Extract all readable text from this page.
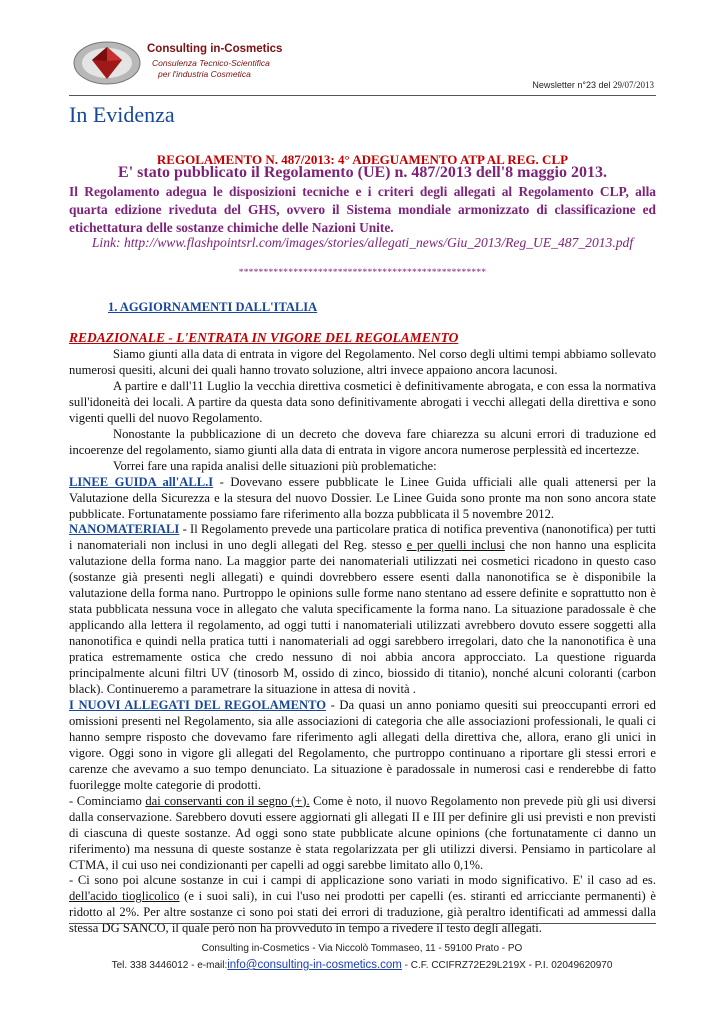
Consulting in-Cosmetics
Consulenza Tecnico-Scientifica
per l'industria Cosmetica
Newsletter n°23 del 29/07/2013
In Evidenza
REGOLAMENTO N. 487/2013: 4° ADEGUAMENTO ATP AL REG. CLP
E' stato pubblicato il Regolamento (UE) n. 487/2013 dell'8 maggio 2013.
Il Regolamento adegua le disposizioni tecniche e i criteri degli allegati al Regolamento CLP, alla quarta edizione riveduta del GHS, ovvero il Sistema mondiale armonizzato di classificazione ed etichettatura delle sostanze chimiche delle Nazioni Unite.
Link: http://www.flashpointsrl.com/images/stories/allegati_news/Giu_2013/Reg_UE_487_2013.pdf
**************************************************
1. AGGIORNAMENTI DALL'ITALIA
REDAZIONALE - L'ENTRATA IN VIGORE DEL REGOLAMENTO

Siamo giunti alla data di entrata in vigore del Regolamento. Nel corso degli ultimi tempi abbiamo sollevato numerosi quesiti, alcuni dei quali hanno trovato soluzione, altri invece appaiono ancora lacunosi.

A partire e dall'11 Luglio la vecchia direttiva cosmetici è definitivamente abrogata, e con essa la normativa sull'idoneità dei locali. A partire da questa data sono definitivamente abrogati i vecchi allegati della direttiva e sono vigenti quelli del nuovo Regolamento.

Nonostante la pubblicazione di un decreto che doveva fare chiarezza su alcuni errori di traduzione ed incoerenze del regolamento, siamo giunti alla data di entrata in vigore ancora numerose perplessità ed incertezze.

Vorrei fare una rapida analisi delle situazioni più problematiche:

LINEE GUIDA all'ALL.I - Dovevano essere pubblicate le Linee Guida ufficiali alle quali attenersi per la Valutazione della Sicurezza e la stesura del nuovo Dossier. Le Linee Guida sono pronte ma non sono ancora state pubblicate. Fortunatamente possiamo fare riferimento alla bozza pubblicata il 5 novembre 2012.

NANOMATERIALI - Il Regolamento prevede una particolare pratica di notifica preventiva (nanonotifica) per tutti i nanomateriali non inclusi in uno degli allegati del Reg. stesso e per quelli inclusi che non hanno una esplicita valutazione della forma nano. La maggior parte dei nanomateriali utilizzati nei cosmetici ricadono in questo caso (sostanze già presenti negli allegati) e quindi dovrebbero essere esenti dalla nanonotifica se è disponibile la valutazione della forma nano. Purtroppo le opinions sulle forme nano stentano ad essere definite e soprattutto non è stata pubblicata nessuna voce in allegato che valuta specificamente la forma nano. La situazione paradossale è che applicando alla lettera il regolamento, ad oggi tutti i nanomateriali utilizzati avrebbero dovuto essere soggetti alla nanonotifica e quindi nella pratica tutti i nanomateriali ad oggi sarebbero irregolari, dato che la nanonotifica è una pratica estremamente ostica che credo nessuno di noi abbia ancora approcciato. La questione riguarda principalmente alcuni filtri UV (tinosorb M, ossido di zinco, biossido di titanio), nonché alcuni coloranti (carbon black). Continueremo a parametrare la situazione in attesa di novità .

I NUOVI ALLEGATI DEL REGOLAMENTO - Da quasi un anno poniamo quesiti sui preoccupanti errori ed omissioni presenti nel Regolamento, sia alle associazioni di categoria che alle associazioni professionali, le quali ci hanno sempre risposto che dovevamo fare riferimento agli allegati della direttiva che, allora, erano gli unici in vigore. Oggi sono in vigore gli allegati del Regolamento, che purtroppo continuano a riportare gli stessi errori e carenze che avevamo a suo tempo denunciato. La situazione è paradossale in numerosi casi e renderebbe di fatto fuorilegge molte categorie di prodotti.

- Cominciamo dai conservanti con il segno (+). Come è noto, il nuovo Regolamento non prevede più gli usi diversi dalla conservazione. Sarebbero dovuti essere aggiornati gli allegati II e III per definire gli usi previsti e non previsti di ciascuna di queste sostanze. Ad oggi sono state pubblicate alcune opinions (che fortunatamente ci danno un riferimento) ma nessuna di queste sostanze è stata regolarizzata per gli utilizzi diversi. Pensiamo in particolare al CTMA, il cui uso nei condizionanti per capelli ad oggi sarebbe limitato allo 0,1%.

- Ci sono poi alcune sostanze in cui i campi di applicazione sono variati in modo significativo. E' il caso ad es. dell'acido tioglicolico (e i suoi sali), in cui l'uso nei prodotti per capelli (es. stiranti ed arricciante permanenti) è ridotto al 2%. Per altre sostanze ci sono poi stati dei errori di traduzione, già peraltro identificati ad ammessi dalla stessa DG SANCO, il quale però non ha provveduto in tempo a rivedere il testo degli allegati.

Consulting in-Cosmetics - Via Niccolò Tommaseo, 11 - 59100 Prato - PO
Tel. 338 3446012 - e-mail:info@consulting-in-cosmetics.com - C.F. CCIFRZ72E29L219X - P.I. 02049620970
